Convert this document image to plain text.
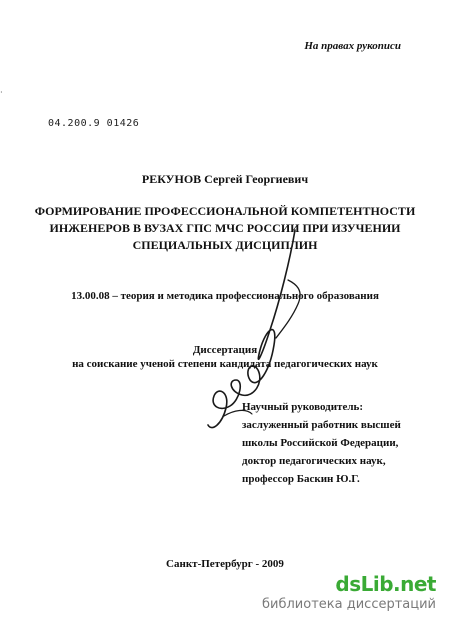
На правах рукописи
·
04.200.9 01426
РЕКУНОВ Сергей Георгиевич
ФОРМИРОВАНИЕ ПРОФЕССИОНАЛЬНОЙ КОМПЕТЕНТНОСТИ
ИНЖЕНЕРОВ В ВУЗАХ ГПС МЧС РОССИИ ПРИ ИЗУЧЕНИИ
СПЕЦИАЛЬНЫХ ДИСЦИПЛИН
13.00.08 – теория и методика профессионального образования
Диссертация
на соискание ученой степени кандидата педагогических наук
Научный руководитель:
заслуженный работник высшей
школы Российской Федерации,
доктор педагогических наук,
профессор Баскин Ю.Г.
Санкт-Петербург - 2009
dsLib.net
библиотека диссертаций
